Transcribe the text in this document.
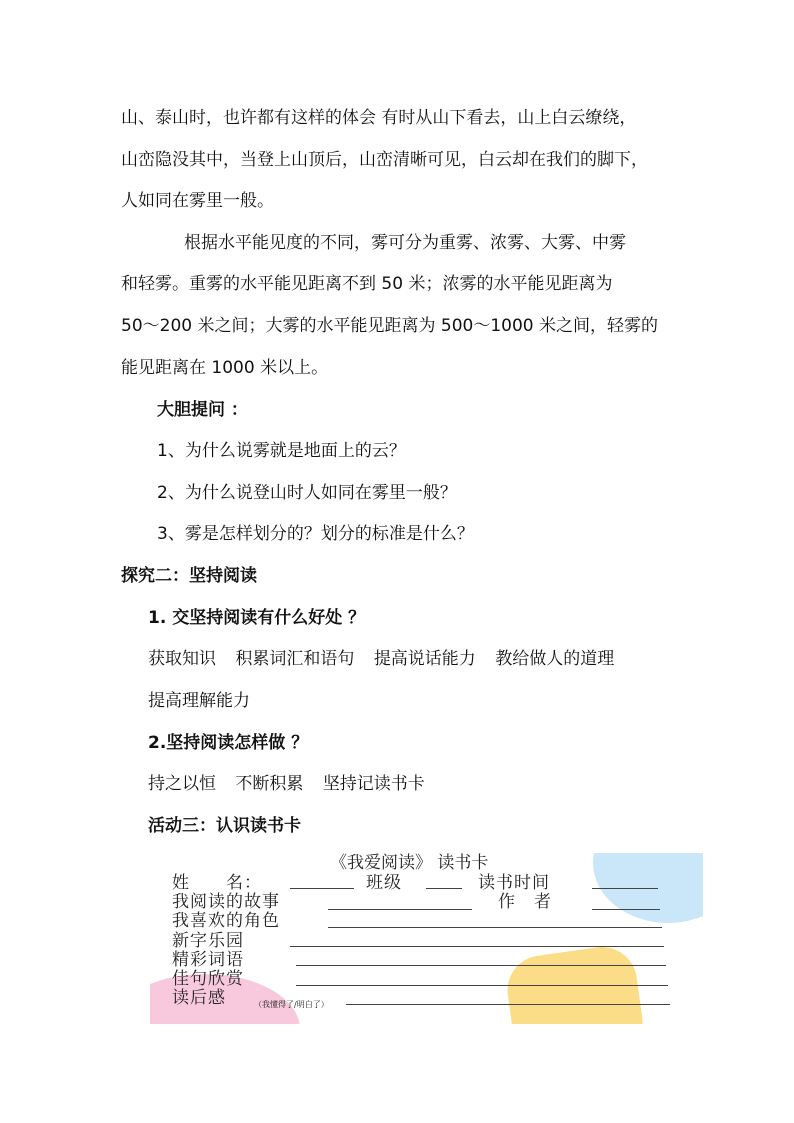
山、泰山时，也许都有这样的体会 有时从山下看去，山上白云缭绕，
山峦隐没其中，当登上山顶后，山峦清晰可见，白云却在我们的脚下，
人如同在雾里一般。
根据水平能见度的不同，雾可分为重雾、浓雾、大雾、中雾
和轻雾。重雾的水平能见距离不到 50 米；浓雾的水平能见距离为
50～200 米之间；大雾的水平能见距离为 500～1000 米之间，轻雾的
能见距离在 1000 米以上。
大胆提问 ：
1、为什么说雾就是地面上的云？
2、为什么说登山时人如同在雾里一般？
3、雾是怎样划分的？划分的标准是什么？
探究二：坚持阅读
1. 交坚持阅读有什么好处 ？
获取知识 积累词汇和语句 提高说话能力 教给做人的道理
提高理解能力
2.坚持阅读怎样做 ？
持之以恒 不断积累 坚持记读书卡
活动三：认识读书卡
《我爱阅读》 读书卡
姓　　名：	班级	读书时间
我阅读的故事	作　者
我喜欢的角色
新字乐园
精彩词语
佳句欣赏
读后感	（我懂得了/明白了）
